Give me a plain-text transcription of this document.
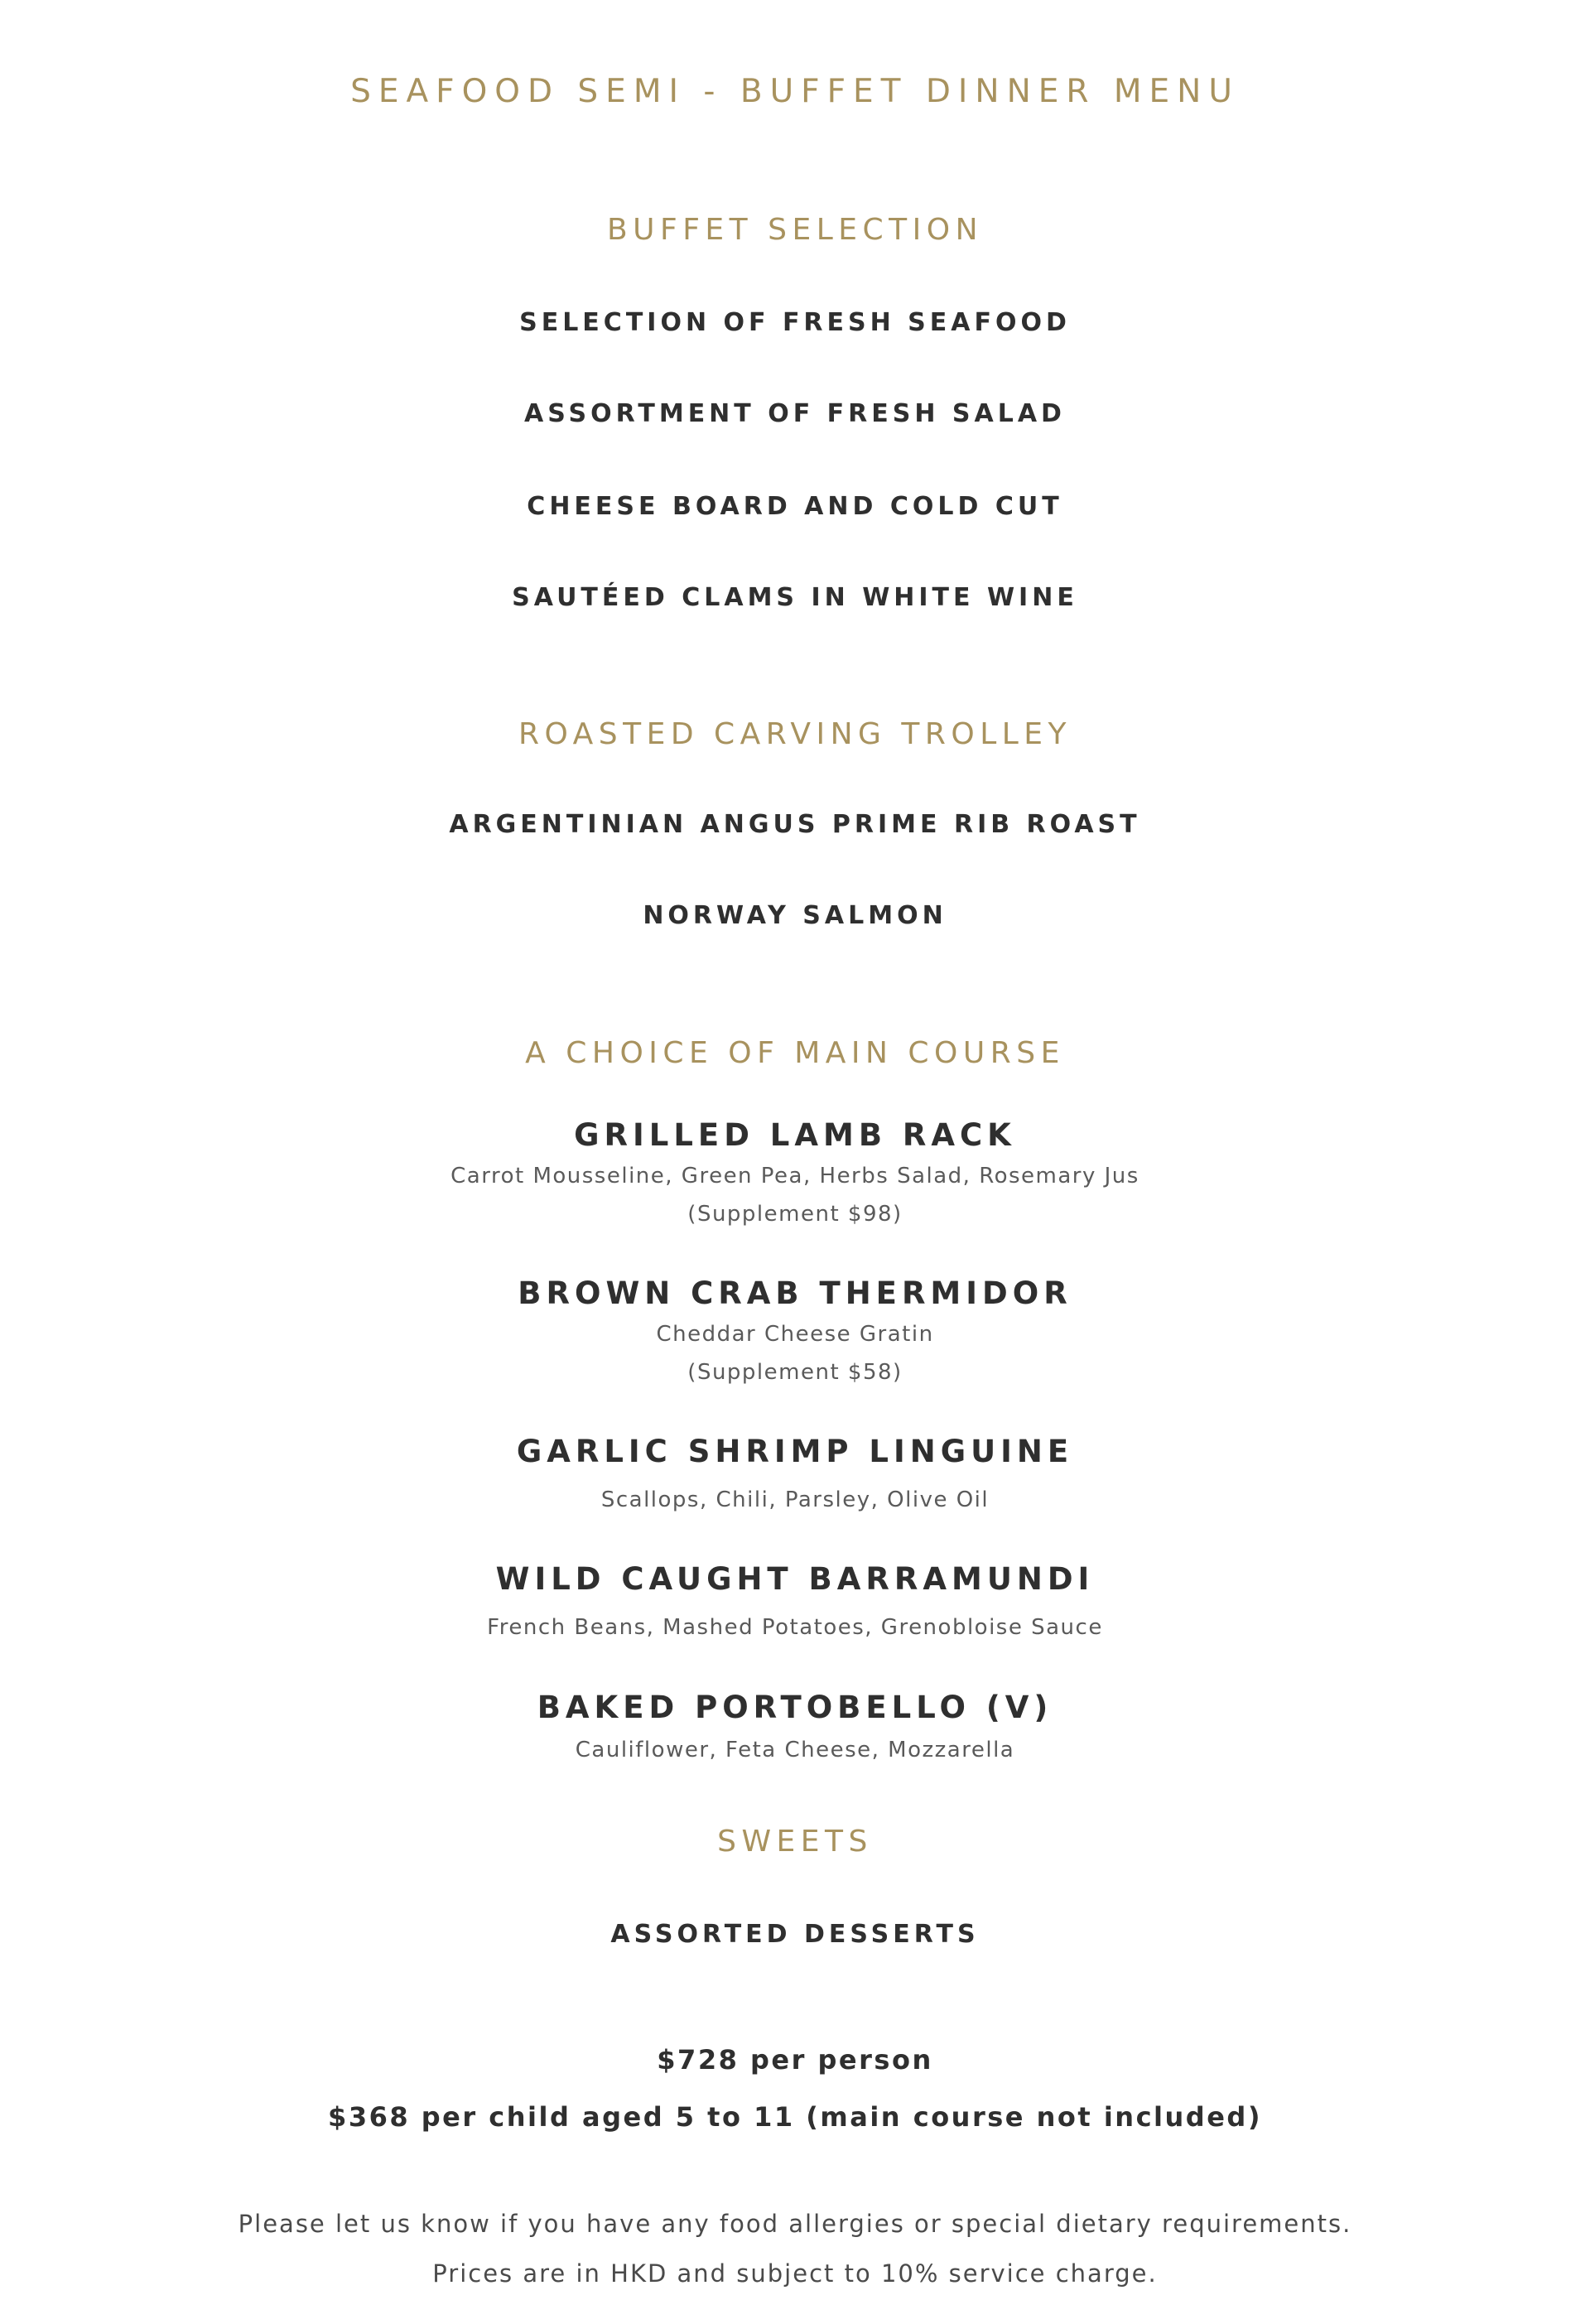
SEAFOOD SEMI - BUFFET DINNER MENU
BUFFET SELECTION

SELECTION OF FRESH SEAFOOD

ASSORTMENT OF FRESH SALAD

CHEESE BOARD AND COLD CUT

SAUTÉED CLAMS IN WHITE WINE

ROASTED CARVING TROLLEY

ARGENTINIAN ANGUS PRIME RIB ROAST

NORWAY SALMON

A CHOICE OF MAIN COURSE

GRILLED LAMB RACK

Carrot Mousseline, Green Pea, Herbs Salad, Rosemary Jus

(Supplement $98)

BROWN CRAB THERMIDOR

Cheddar Cheese Gratin

(Supplement $58)

GARLIC SHRIMP LINGUINE

Scallops, Chili, Parsley, Olive Oil

WILD CAUGHT BARRAMUNDI

French Beans, Mashed Potatoes, Grenobloise Sauce

BAKED PORTOBELLO (V)

Cauliflower, Feta Cheese, Mozzarella

SWEETS

ASSORTED DESSERTS

$728 per person

$368 per child aged 5 to 11 (main course not included)

Please let us know if you have any food allergies or special dietary requirements.

Prices are in HKD and subject to 10% service charge.
